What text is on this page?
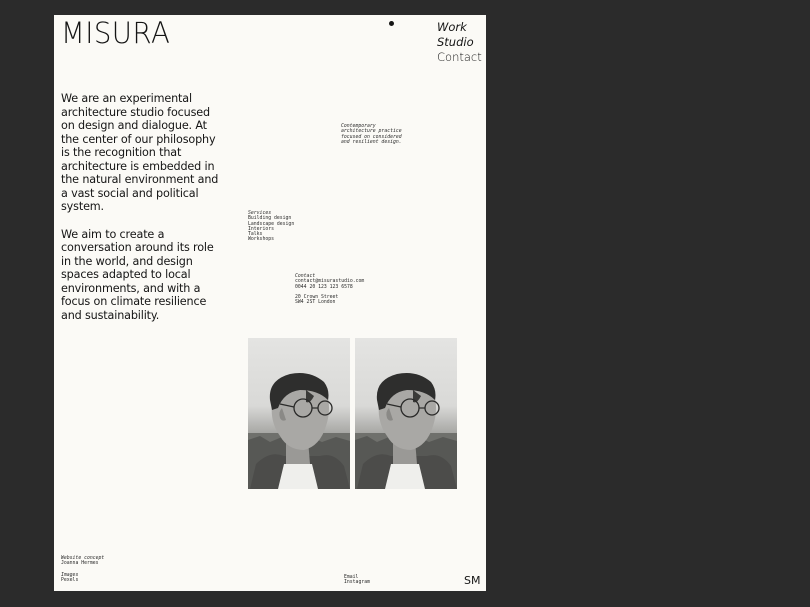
MISURA	Work
Studio
Contact

We are an experimental architecture studio focused on design and dialogue. At the center of our philosophy is the recognition that architecture is embedded in the natural environment and a vast social and political system.

We aim to create a conversation around its role in the world, and design spaces adapted to local environments, and with a focus on climate resilience and sustainability.

Contemporary
architecture practice
focused on considered
and resilient design.
Services
Building design
Landscape design
Interiors
Talks
Workshops
Contact
contact@misurastudio.com
0044 20 123 123 6578
20 Crown Street
SW4 2ST London
Website concept
Joanna Hermes
Images
Pexels
Email
Instagram	SM
